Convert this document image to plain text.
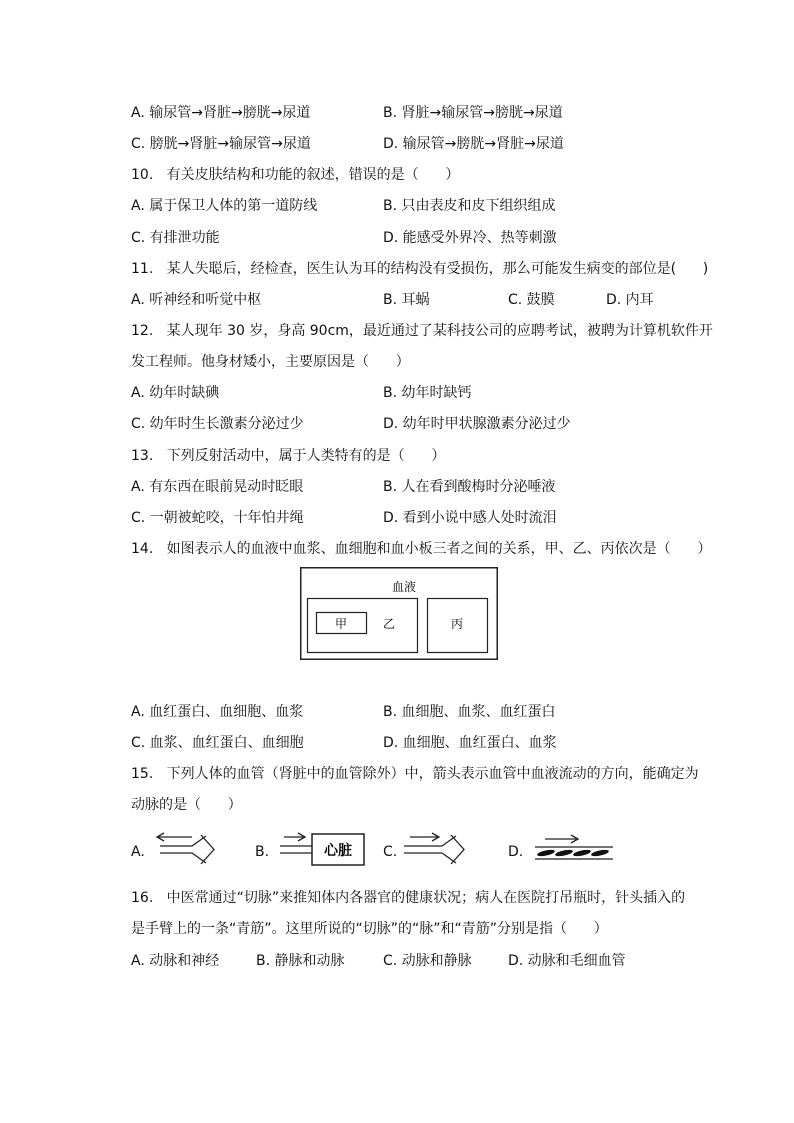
A. 输尿管→肾脏→膀胱→尿道	B. 肾脏→输尿管→膀胱→尿道
C. 膀胱→肾脏→输尿管→尿道	D. 输尿管→膀胱→肾脏→尿道
10.   有关皮肤结构和功能的叙述，错误的是（      ）
A. 属于保卫人体的第一道防线	B. 只由表皮和皮下组织组成
C. 有排泄功能	D. 能感受外界冷、热等刺激
11.   某人失聪后，经检查，医生认为耳的结构没有受损伤，那么可能发生病变的部位是(      )
A. 听神经和听觉中枢	B. 耳蜗	C. 鼓膜	D. 内耳
12.   某人现年 30 岁，身高 90cm，最近通过了某科技公司的应聘考试，被聘为计算机软件开
发工程师。他身材矮小，主要原因是（      ）
A. 幼年时缺碘	B. 幼年时缺钙
C. 幼年时生长激素分泌过少	D. 幼年时甲状腺激素分泌过少
13.   下列反射活动中，属于人类特有的是（      ）
A. 有东西在眼前晃动时眨眼	B. 人在看到酸梅时分泌唾液
C. 一朝被蛇咬，十年怕井绳	D. 看到小说中感人处时流泪
14.   如图表示人的血液中血浆、血细胞和血小板三者之间的关系，甲、乙、丙依次是（      ）
血液
甲	乙	丙
A. 血红蛋白、血细胞、血浆	B. 血细胞、血浆、血红蛋白
C. 血浆、血红蛋白、血细胞	D. 血细胞、血红蛋白、血浆
15.   下列人体的血管（肾脏中的血管除外）中，箭头表示血管中血液流动的方向，能确定为
动脉的是（      ）
A.	B.	心脏 C.	D.
16.   中医常通过“切脉”来推知体内各器官的健康状况；病人在医院打吊瓶时，针头插入的
是手臂上的一条“青筋”。这里所说的“切脉”的“脉”和“青筋”分别是指（      ）
A. 动脉和神经	B. 静脉和动脉	C. 动脉和静脉	D. 动脉和毛细血管
